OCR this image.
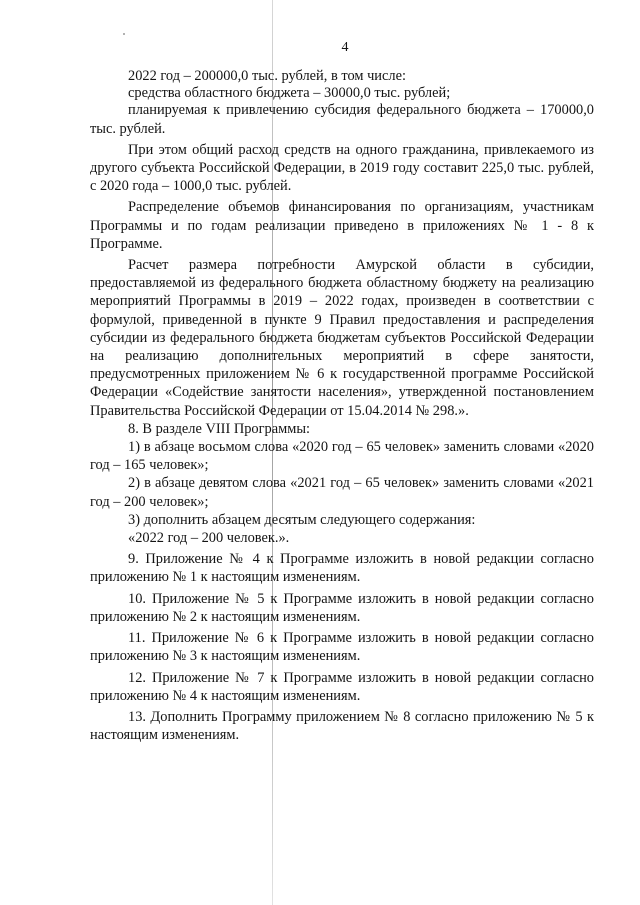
4

2022 год – 200000,0 тыс. рублей, в том числе:

средства областного бюджета – 30000,0 тыс. рублей;

планируемая к привлечению субсидия федерального бюджета – 170000,0 тыс. рублей.

При этом общий расход средств на одного гражданина, привлекаемого из другого субъекта Российской Федерации, в 2019 году составит 225,0 тыс. рублей, с 2020 года – 1000,0 тыс. рублей.

Распределение объемов финансирования по организациям, участникам Программы и по годам реализации приведено в приложениях № 1 - 8 к Программе.

Расчет размера потребности Амурской области в субсидии, предоставляемой из федерального бюджета областному бюджету на реализацию мероприятий Программы в 2019 – 2022 годах, произведен в соответствии с формулой, приведенной в пункте 9 Правил предоставления и распределения субсидии из федерального бюджета бюджетам субъектов Российской Федерации на реализацию дополнительных мероприятий в сфере занятости, предусмотренных приложением № 6 к государственной программе Российской Федерации «Содействие занятости населения», утвержденной постановлением Правительства Российской Федерации от 15.04.2014 № 298.».

8. В разделе VIII Программы:

1) в абзаце восьмом слова «2020 год – 65 человек» заменить словами «2020 год – 165 человек»;

2) в абзаце девятом слова «2021 год – 65 человек» заменить словами «2021 год – 200 человек»;

3) дополнить абзацем десятым следующего содержания:

«2022 год – 200 человек.».

9. Приложение № 4 к Программе изложить в новой редакции согласно приложению № 1 к настоящим изменениям.

10. Приложение № 5 к Программе изложить в новой редакции согласно приложению № 2 к настоящим изменениям.

11. Приложение № 6 к Программе изложить в новой редакции согласно приложению № 3 к настоящим изменениям.

12. Приложение № 7 к Программе изложить в новой редакции согласно приложению № 4 к настоящим изменениям.

13. Дополнить Программу приложением № 8 согласно приложению № 5 к настоящим изменениям.
